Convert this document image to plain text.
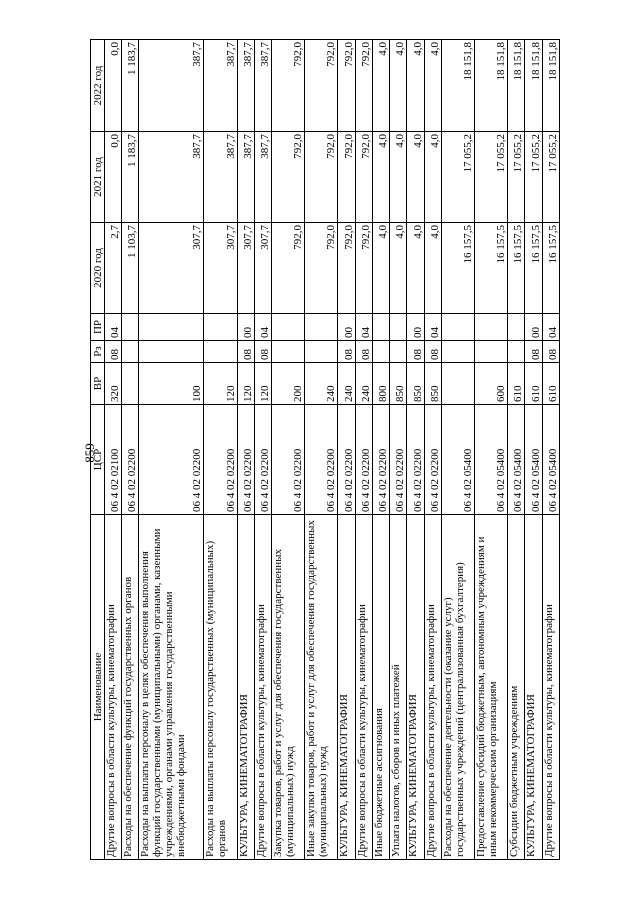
859
Наименование	ЦСР	ВР	Рз	ПР	2020 год	2021 год	2022 год
Другие вопросы в области культуры, кинематографии	06 4 02 02100	320	08	04	2,7	0,0	0,0
Расходы на обеспечение функций государственных органов	06 4 02 02200				1 103,7	1 183,7	1 183,7
Расходы на выплаты персоналу в целях обеспечения выполнения функций государственными (муниципальными) органами, казенными учреждениями, органами управления государственными внебюджетными фондами	06 4 02 02200	100			307,7	387,7	387,7
Расходы на выплаты персоналу государственных (муниципальных) органов	06 4 02 02200	120			307,7	387,7	387,7
КУЛЬТУРА, КИНЕМАТОГРАФИЯ	06 4 02 02200	120	08	00	307,7	387,7	387,7
Другие вопросы в области культуры, кинематографии	06 4 02 02200	120	08	04	307,7	387,7	387,7
Закупка товаров, работ и услуг для обеспечения государственных (муниципальных) нужд	06 4 02 02200	200			792,0	792,0	792,0
Иные закупки товаров, работ и услуг для обеспечения государственных (муниципальных) нужд	06 4 02 02200	240			792,0	792,0	792,0
КУЛЬТУРА, КИНЕМАТОГРАФИЯ	06 4 02 02200	240	08	00	792,0	792,0	792,0
Другие вопросы в области культуры, кинематографии	06 4 02 02200	240	08	04	792,0	792,0	792,0
Иные бюджетные ассигнования	06 4 02 02200	800			4,0	4,0	4,0
Уплата налогов, сборов и иных платежей	06 4 02 02200	850			4,0	4,0	4,0
КУЛЬТУРА, КИНЕМАТОГРАФИЯ	06 4 02 02200	850	08	00	4,0	4,0	4,0
Другие вопросы в области культуры, кинематографии	06 4 02 02200	850	08	04	4,0	4,0	4,0
Расходы на обеспечение деятельности (оказание услуг) государственных учреждений (централизованная бухгалтерия)	06 4 02 05400				16 157,5	17 055,2	18 151,8
Предоставление субсидий бюджетным, автономным учреждениям и иным некоммерческим организациям	06 4 02 05400	600			16 157,5	17 055,2	18 151,8
Субсидии бюджетным учреждениям	06 4 02 05400	610			16 157,5	17 055,2	18 151,8
КУЛЬТУРА, КИНЕМАТОГРАФИЯ	06 4 02 05400	610	08	00	16 157,5	17 055,2	18 151,8
Другие вопросы в области культуры, кинематографии	06 4 02 05400	610	08	04	16 157,5	17 055,2	18 151,8
